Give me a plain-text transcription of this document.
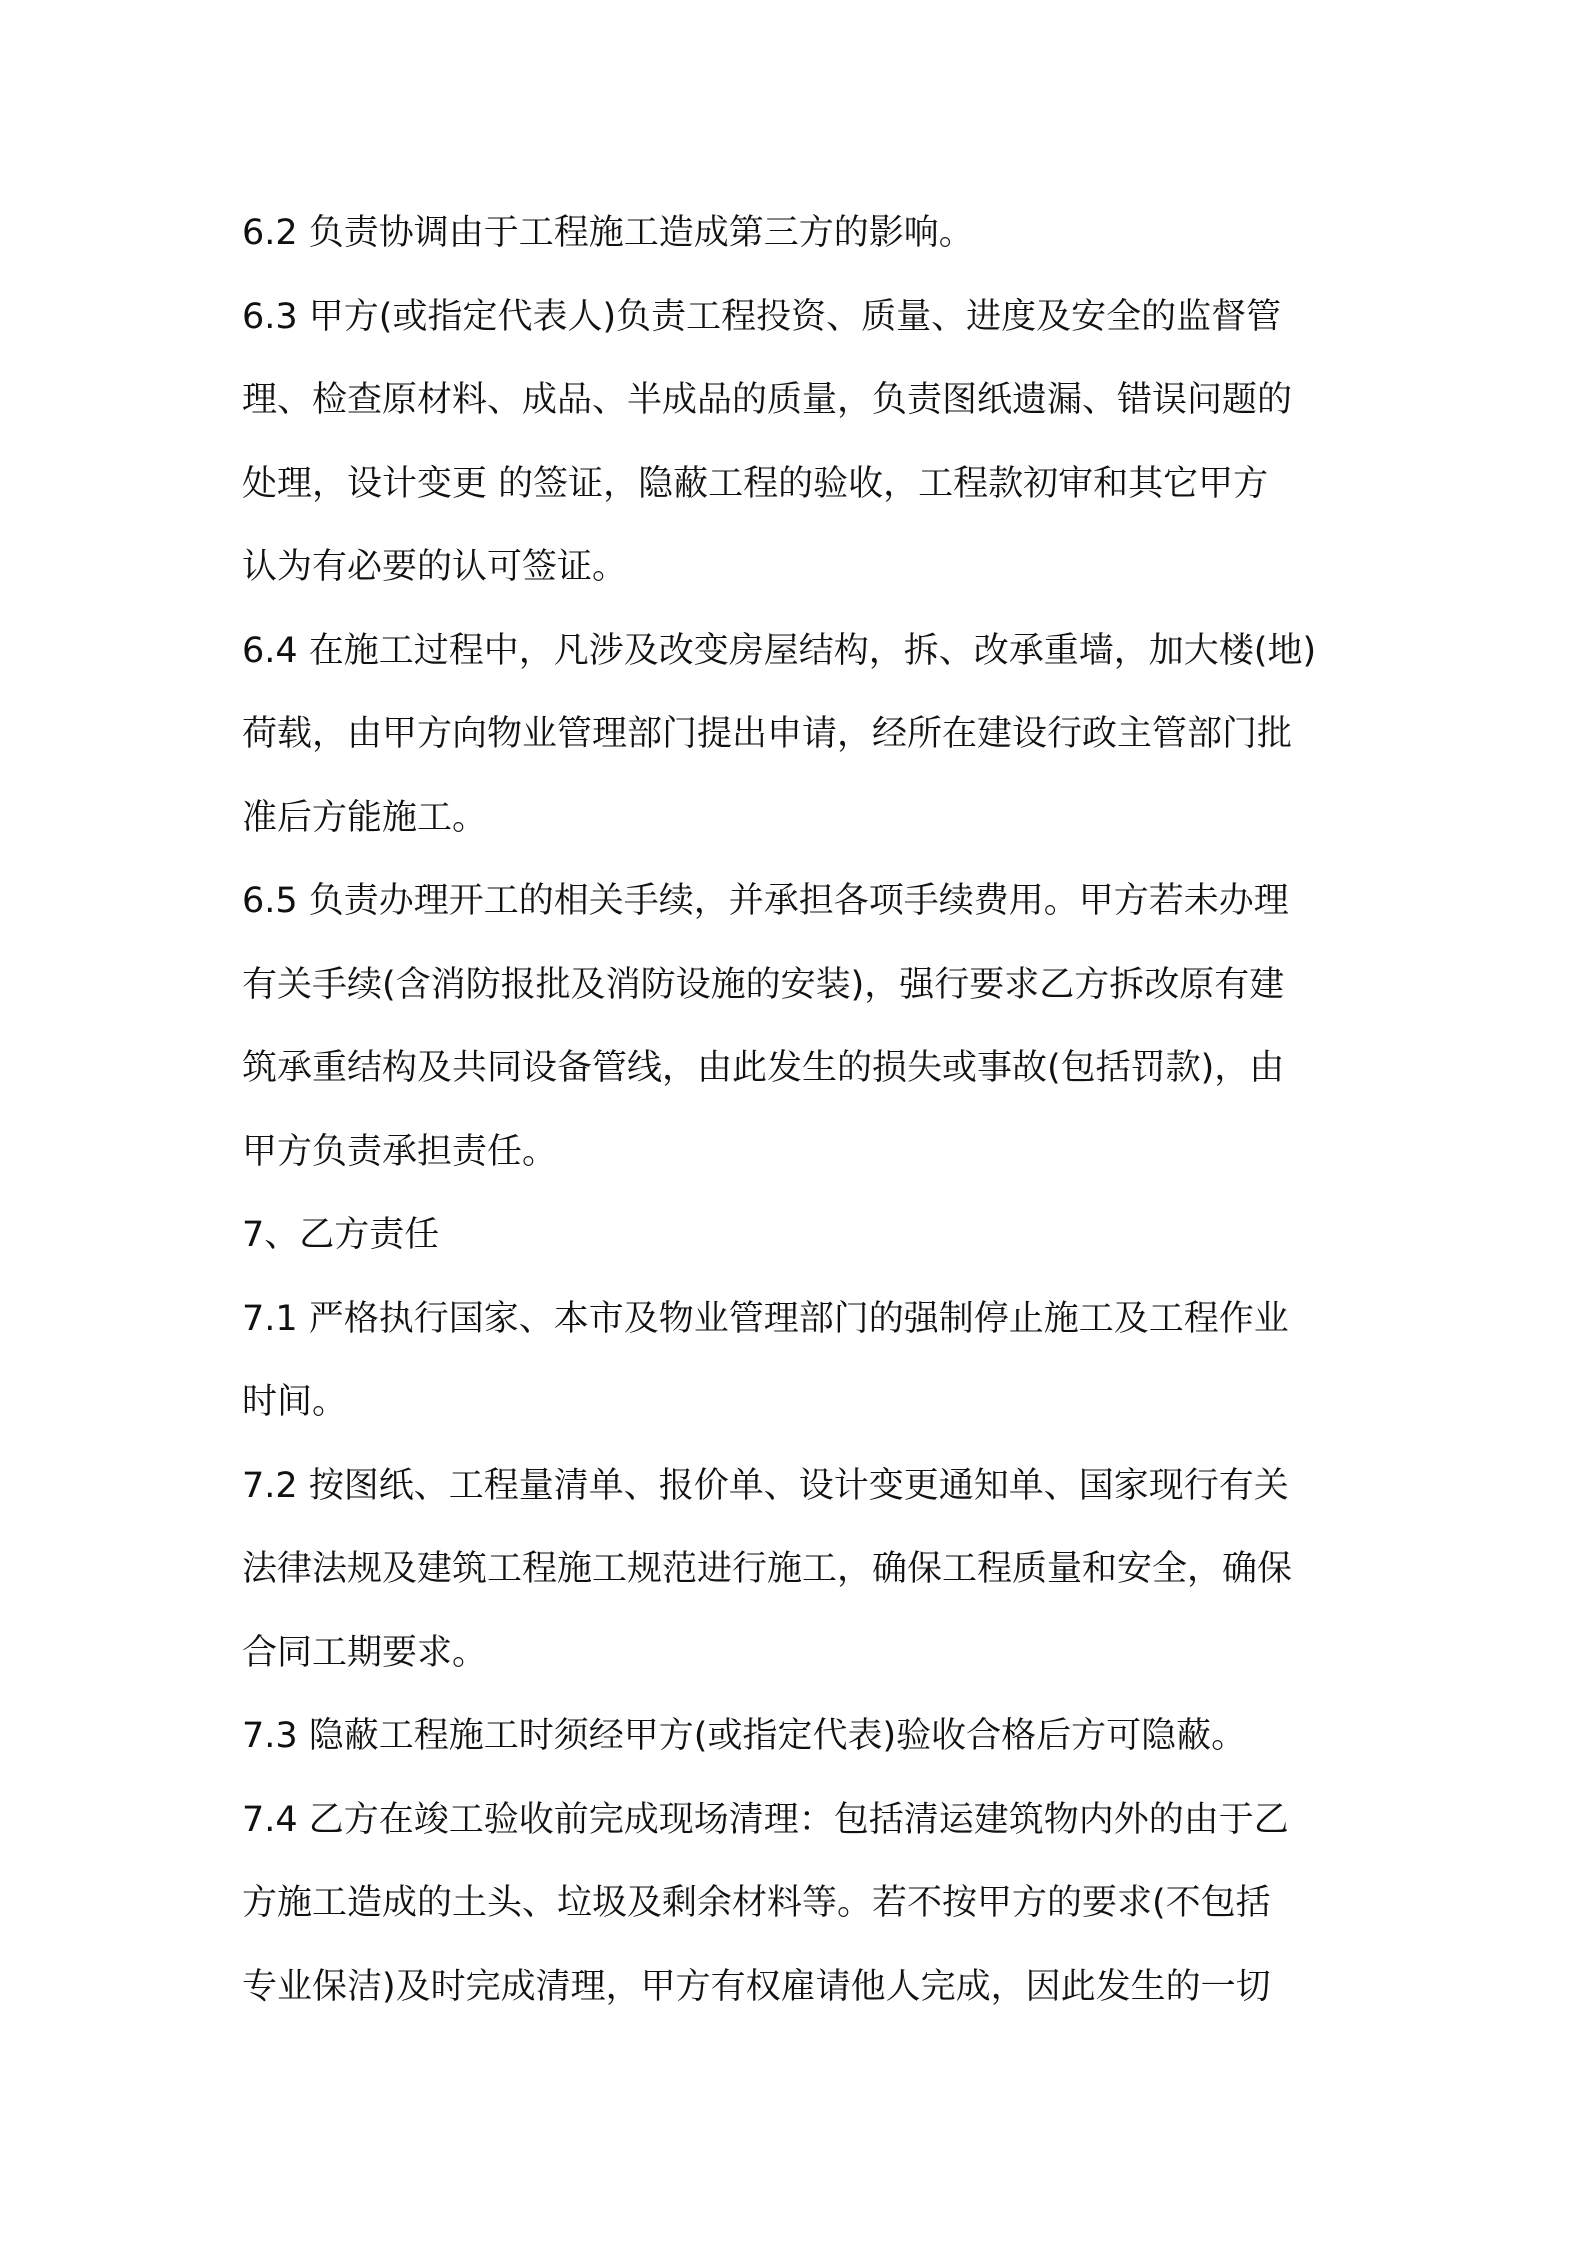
6.2 负责协调由于工程施工造成第三方的影响。
6.3 甲方(或指定代表人)负责工程投资、质量、进度及安全的监督管
理、检查原材料、成品、半成品的质量，负责图纸遗漏、错误问题的
处理，设计变更 的签证，隐蔽工程的验收，工程款初审和其它甲方
认为有必要的认可签证。
6.4 在施工过程中，凡涉及改变房屋结构，拆、改承重墙，加大楼(地)
荷载，由甲方向物业管理部门提出申请，经所在建设行政主管部门批
准后方能施工。
6.5 负责办理开工的相关手续，并承担各项手续费用。甲方若未办理
有关手续(含消防报批及消防设施的安装)，强行要求乙方拆改原有建
筑承重结构及共同设备管线，由此发生的损失或事故(包括罚款)，由
甲方负责承担责任。
7、乙方责任
7.1 严格执行国家、本市及物业管理部门的强制停止施工及工程作业
时间。
7.2 按图纸、工程量清单、报价单、设计变更通知单、国家现行有关
法律法规及建筑工程施工规范进行施工，确保工程质量和安全，确保
合同工期要求。
7.3 隐蔽工程施工时须经甲方(或指定代表)验收合格后方可隐蔽。
7.4 乙方在竣工验收前完成现场清理：包括清运建筑物内外的由于乙
方施工造成的土头、垃圾及剩余材料等。若不按甲方的要求(不包括
专业保洁)及时完成清理，甲方有权雇请他人完成，因此发生的一切
